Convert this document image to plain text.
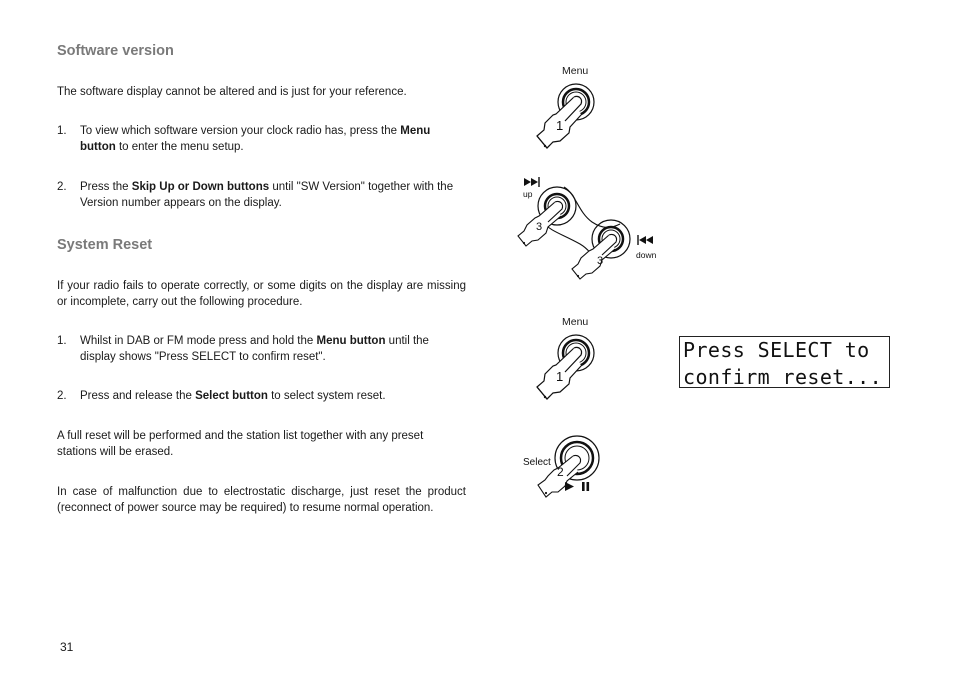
Software version
The software display cannot be altered and is just for your reference.
1. To view which software version your clock radio has, press the Menu button to enter the menu setup.
2. Press the Skip Up or Down buttons until "SW Version" together with the Version number appears on the display.
System Reset
If your radio fails to operate correctly, or some digits on the display are missing or incomplete, carry out the following procedure.
1. Whilst in DAB or FM mode press and hold the Menu button until the display shows "Press SELECT to confirm reset".
2. Press and release the Select button to select system reset.
A full reset will be performed and the station list together with any preset stations will be erased.
In case of malfunction due to electrostatic discharge, just reset the product (reconnect of power source may be required) to resume normal operation.
31
Menu
1
up
3
3	down
Menu
1
Press SELECT to
confirm reset...
Select
2
